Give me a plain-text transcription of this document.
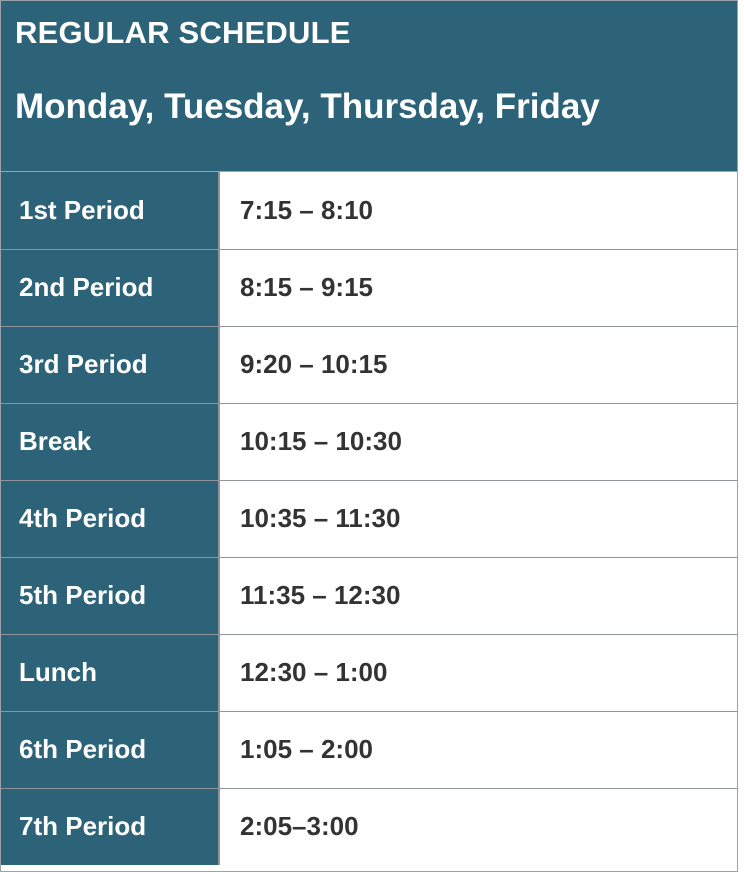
REGULAR SCHEDULE
Monday, Tuesday, Thursday, Friday
1st Period	7:15 – 8:10
2nd Period	8:15 – 9:15
3rd Period	9:20 – 10:15
Break	10:15 – 10:30
4th Period	10:35 – 11:30
5th Period	11:35 – 12:30
Lunch	12:30 – 1:00
6th Period	1:05 – 2:00
7th Period	2:05–3:00
